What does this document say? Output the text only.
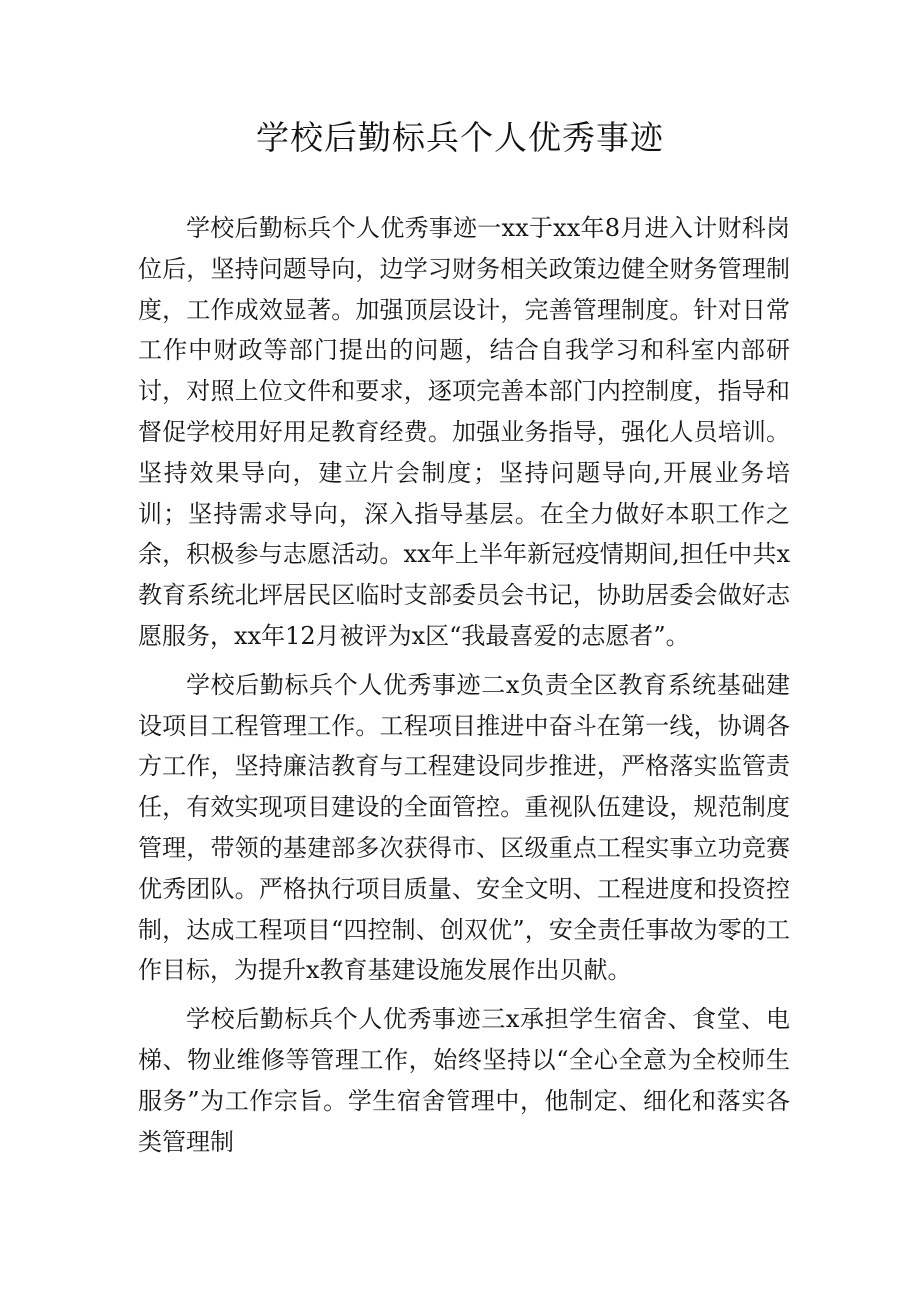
学校后勤标兵个人优秀事迹

学校后勤标兵个人优秀事迹一xx于xx年8月进入计财科岗位后，坚持问题导向，边学习财务相关政策边健全财务管理制度，工作成效显著。加强顶层设计，完善管理制度。针对日常工作中财政等部门提出的问题，结合自我学习和科室内部研讨，对照上位文件和要求，逐项完善本部门内控制度，指导和督促学校用好用足教育经费。加强业务指导，强化人员培训。坚持效果导向，建立片会制度；坚持问题导向,开展业务培训；坚持需求导向，深入指导基层。在全力做好本职工作之余，积极参与志愿活动。xx年上半年新冠疫情期间,担任中共x教育系统北坪居民区临时支部委员会书记，协助居委会做好志愿服务，xx年12月被评为x区“我最喜爱的志愿者”。

学校后勤标兵个人优秀事迹二x负责全区教育系统基础建设项目工程管理工作。工程项目推进中奋斗在第一线，协调各方工作，坚持廉洁教育与工程建设同步推进，严格落实监管责任，有效实现项目建设的全面管控。重视队伍建设，规范制度管理，带领的基建部多次获得市、区级重点工程实事立功竞赛优秀团队。严格执行项目质量、安全文明、工程进度和投资控制，达成工程项目“四控制、创双优”，安全责任事故为零的工作目标，为提升x教育基建设施发展作出贝献。

学校后勤标兵个人优秀事迹三x承担学生宿舍、食堂、电梯、物业维修等管理工作，始终坚持以“全心全意为全校师生服务”为工作宗旨。学生宿舍管理中，他制定、细化和落实各类管理制
